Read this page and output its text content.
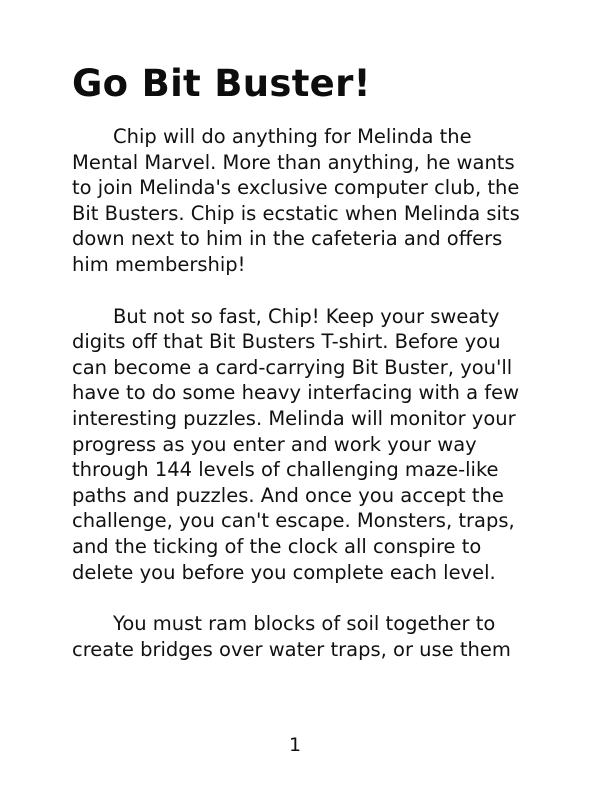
Go Bit Buster!

Chip will do anything for Melinda the
Mental Marvel. More than anything, he wants
to join Melinda's exclusive computer club, the
Bit Busters. Chip is ecstatic when Melinda sits
down next to him in the cafeteria and offers
him membership!

But not so fast, Chip! Keep your sweaty
digits off that Bit Busters T-shirt. Before you
can become a card-carrying Bit Buster, you'll
have to do some heavy interfacing with a few
interesting puzzles. Melinda will monitor your
progress as you enter and work your way
through 144 levels of challenging maze-like
paths and puzzles. And once you accept the
challenge, you can't escape. Monsters, traps,
and the ticking of the clock all conspire to
delete you before you complete each level.

You must ram blocks of soil together to
create bridges over water traps, or use them

1
